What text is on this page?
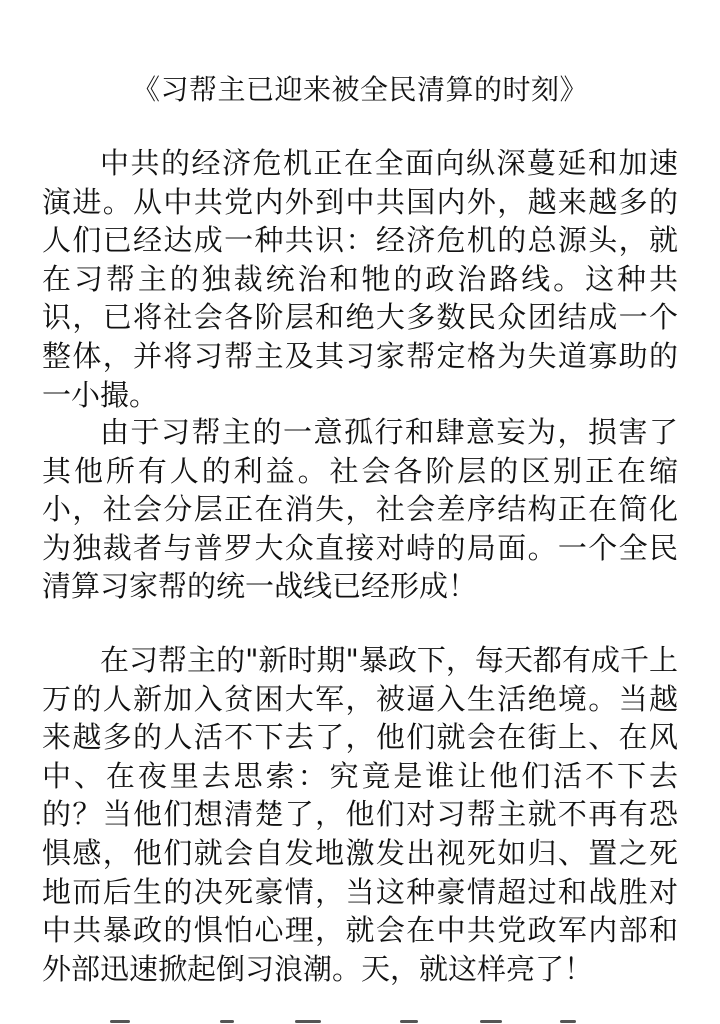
《习帮主已迎来被全民清算的时刻》

中共的经济危机正在全面向纵深蔓延和加速演进。从中共党内外到中共国内外，越来越多的人们已经达成一种共识：经济危机的总源头，就在习帮主的独裁统治和牠的政治路线。这种共识，已将社会各阶层和绝大多数民众团结成一个整体，并将习帮主及其习家帮定格为失道寡助的一小撮。

由于习帮主的一意孤行和肆意妄为，损害了其他所有人的利益。社会各阶层的区别正在缩小，社会分层正在消失，社会差序结构正在简化为独裁者与普罗大众直接对峙的局面。一个全民清算习家帮的统一战线已经形成！

在习帮主的"新时期"暴政下，每天都有成千上万的人新加入贫困大军，被逼入生活绝境。当越来越多的人活不下去了，他们就会在街上、在风中、在夜里去思索：究竟是谁让他们活不下去的？当他们想清楚了，他们对习帮主就不再有恐惧感，他们就会自发地激发出视死如归、置之死地而后生的决死豪情，当这种豪情超过和战胜对中共暴政的惧怕心理，就会在中共党政军内部和外部迅速掀起倒习浪潮。天，就这样亮了！
